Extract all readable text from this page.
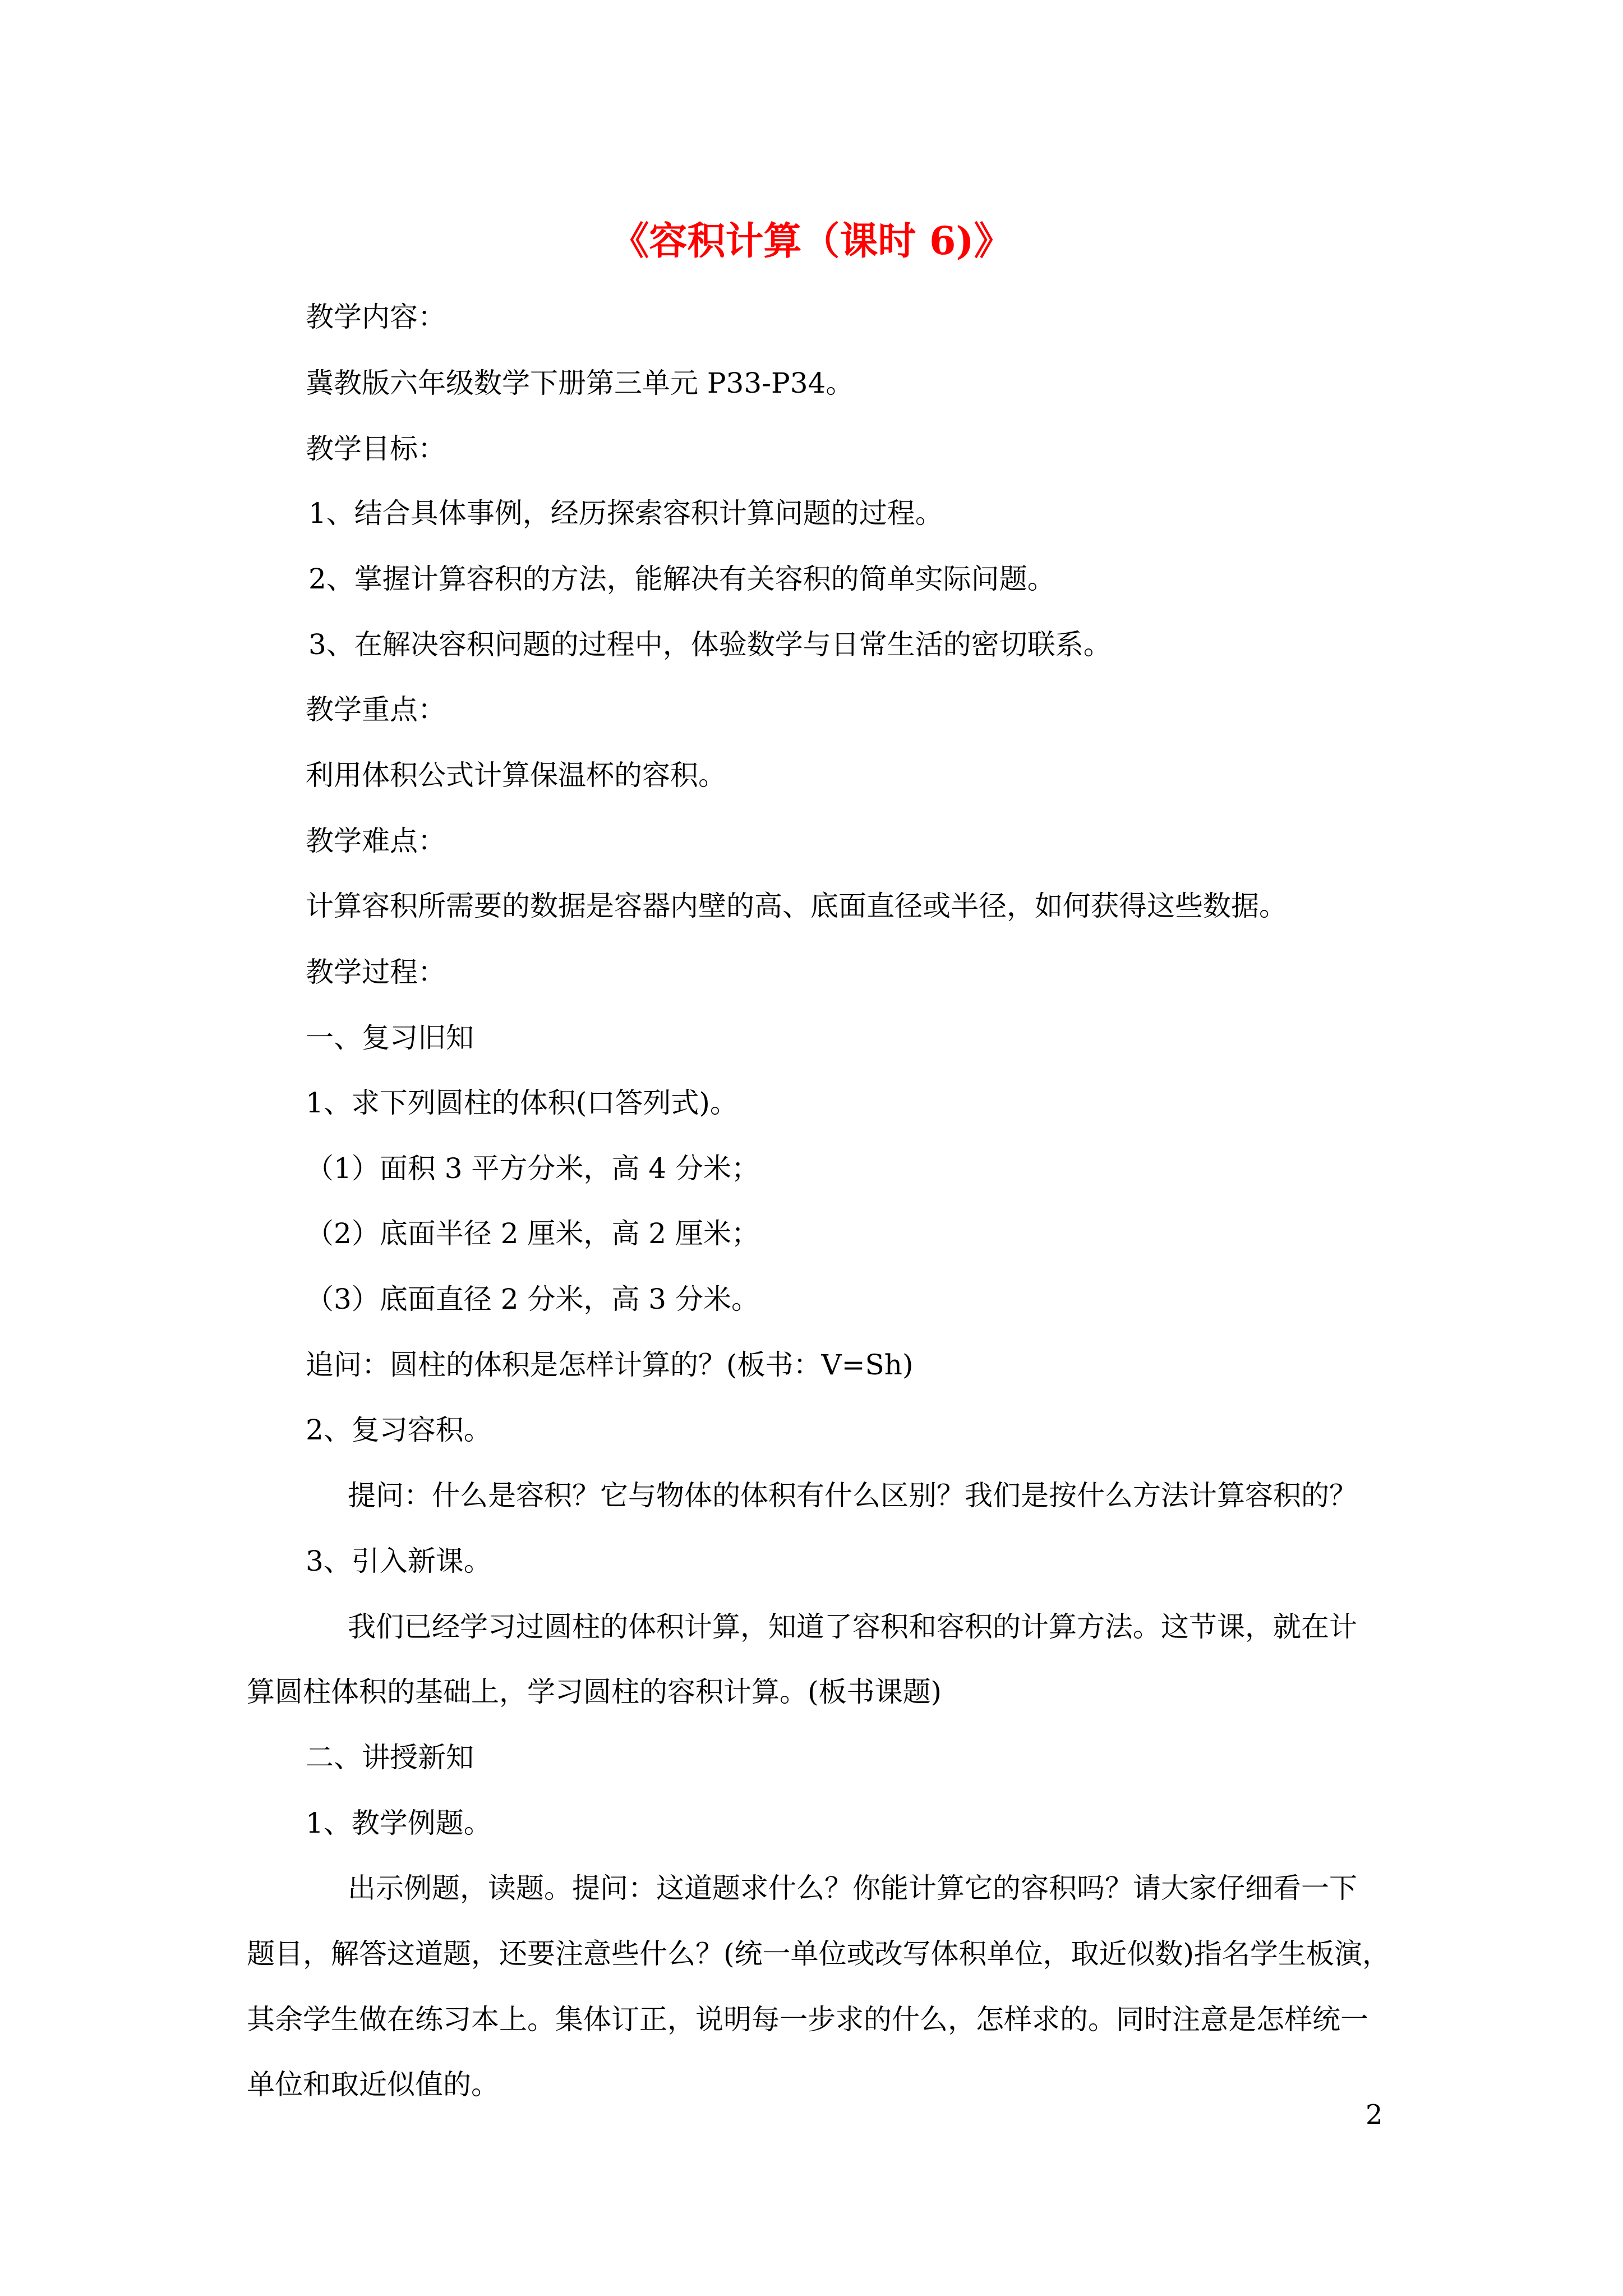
《容积计算（课时 6)》
教学内容：
冀教版六年级数学下册第三单元 P33-P34。
教学目标：
1、结合具体事例，经历探索容积计算问题的过程。
2、掌握计算容积的方法，能解决有关容积的简单实际问题。
3、在解决容积问题的过程中，体验数学与日常生活的密切联系。
教学重点：
利用体积公式计算保温杯的容积。
教学难点：
计算容积所需要的数据是容器内壁的高、底面直径或半径，如何获得这些数据。
教学过程：
一、复习旧知
1、求下列圆柱的体积(口答列式)。
（1）面积 3 平方分米，高 4 分米；
（2）底面半径 2 厘米，高 2 厘米；
（3）底面直径 2 分米，高 3 分米。
追问：圆柱的体积是怎样计算的？(板书：V=Sh)
2、复习容积。
提问：什么是容积？它与物体的体积有什么区别？我们是按什么方法计算容积的？
3、引入新课。
我们已经学习过圆柱的体积计算，知道了容积和容积的计算方法。这节课，就在计
算圆柱体积的基础上，学习圆柱的容积计算。(板书课题)
二、讲授新知
1、教学例题。
出示例题，读题。提问：这道题求什么？你能计算它的容积吗？请大家仔细看一下
题目，解答这道题，还要注意些什么？(统一单位或改写体积单位，取近似数)指名学生板演，
其余学生做在练习本上。集体订正，说明每一步求的什么，怎样求的。同时注意是怎样统一
单位和取近似值的。
2
